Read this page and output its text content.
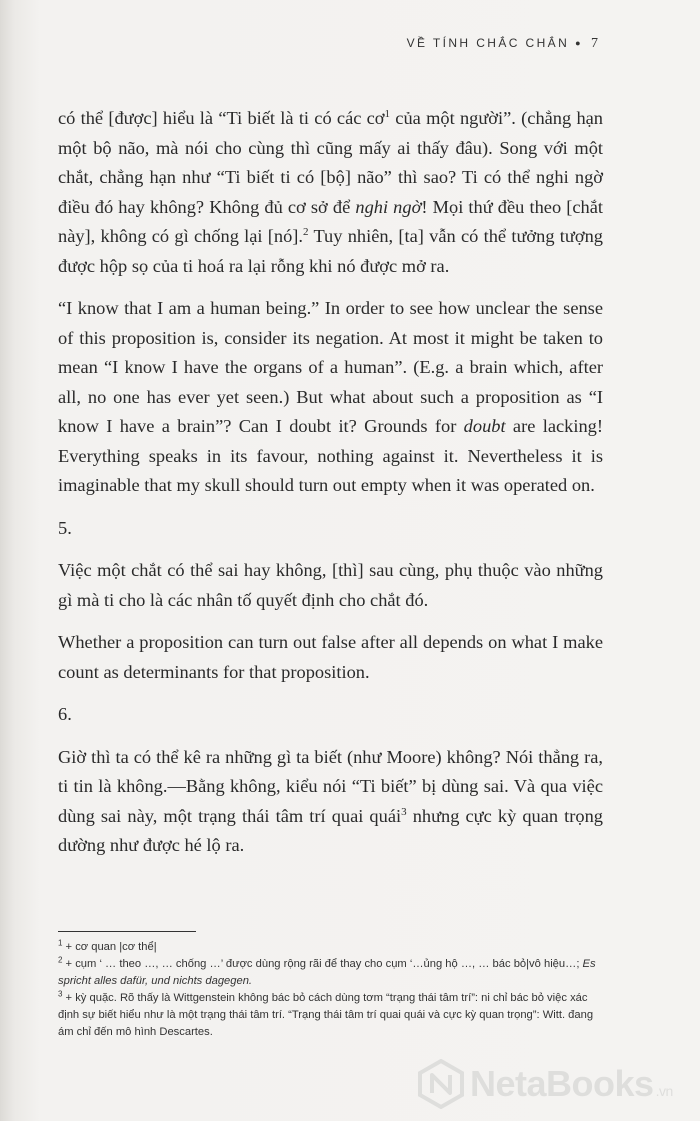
VỀ TÍNH CHẮC CHẮN ● 7

có thể [được] hiểu là “Ti biết là ti có các $cơ^1$ của một người”. (chẳng hạn một bộ não, mà nói cho cùng thì cũng mấy ai thấy đâu). Song với một chắt, chẳng hạn như “Ti biết ti có [bộ] não” thì sao? Ti có thể nghi ngờ điều đó hay không? Không đủ cơ sở để nghi ngờ! Mọi thứ đều theo [chắt này], không có gì chống lại [nó].$^2$ Tuy nhiên, [ta] vẫn có thể tưởng tượng được hộp sọ của ti hoá ra lại rỗng khi nó được mở ra.

“I know that I am a human being.” In order to see how unclear the sense of this proposition is, consider its negation. At most it might be taken to mean “I know I have the organs of a human”. (E.g. a brain which, after all, no one has ever yet seen.) But what about such a proposition as “I know I have a brain”? Can I doubt it? Grounds for doubt are lacking! Everything speaks in its favour, nothing against it. Nevertheless it is imaginable that my skull should turn out empty when it was operated on.

5.

Việc một chắt có thể sai hay không, [thì] sau cùng, phụ thuộc vào những gì mà ti cho là các nhân tố quyết định cho chắt đó.

Whether a proposition can turn out false after all depends on what I make count as determinants for that proposition.

6.

Giờ thì ta có thể kê ra những gì ta biết (như Moore) không? Nói thẳng ra, ti tin là không.—Bằng không, kiểu nói “Ti biết” bị dùng sai. Và qua việc dùng sai này, một trạng thái tâm trí quai quái$^3$ nhưng cực kỳ quan trọng dường như được hé lộ ra.

$^1$ + cơ quan |cơ thể|

$^2$ + cụm ‘ … theo …, … chống …’ được dùng rộng rãi để thay cho cụm ‘…ủng hộ …, … bác bỏ|vô hiệu…; Es spricht alles dafür, und nichts dagegen.

$^3$ + kỳ quặc. Rõ thấy là Wittgenstein không bác bỏ cách dùng tơm “trạng thái tâm trí”: ni chỉ bác bỏ việc xác định sự biết hiểu như là một trạng thái tâm trí. “Trạng thái tâm trí quai quái và cực kỳ quan trọng”: Witt. đang ám chỉ đến mô hình Descartes.

NetaBooks .vn
